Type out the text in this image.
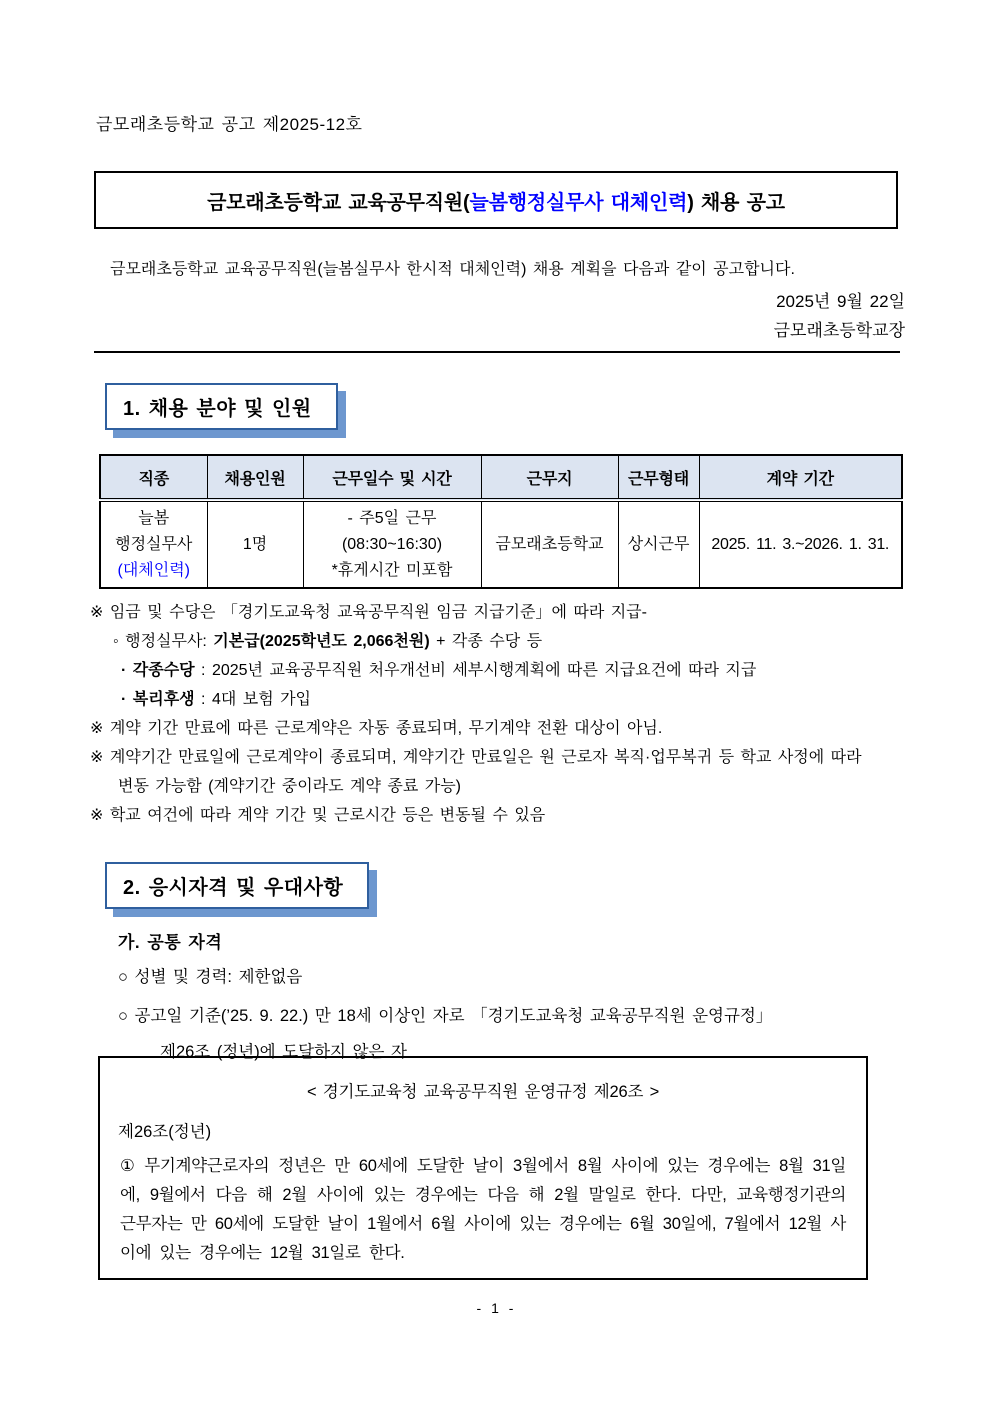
금모래초등학교 공고 제2025-12호
금모래초등학교 교육공무직원(늘봄행정실무사 대체인력) 채용 공고
금모래초등학교 교육공무직원(늘봄실무사 한시적 대체인력) 채용 계획을 다음과 같이 공고합니다.
2025년 9월 22일
금모래초등학교장
1. 채용 분야 및 인원
직종	채용인원	근무일수 및 시간	근무지	근무형태	계약 기간

늘봄
행정실무사
(대체인력)
	1명	
- 주5일 근무
(08:30~16:30)
*휴게시간 미포함
	금모래초등학교	상시근무	2025. 11. 3.~2026. 1. 31.
※ 임금 및 수당은 「경기도교육청 교육공무직원 임금 지급기준」에 따라 지급-
◦ 행정실무사: 기본급(2025학년도 2,066천원) + 각종 수당 등
· 각종수당 : 2025년 교육공무직원 처우개선비 세부시행계획에 따른 지급요건에 따라 지급
· 복리후생 : 4대 보험 가입
※ 계약 기간 만료에 따른 근로계약은 자동 종료되며, 무기계약 전환 대상이 아님.
※ 계약기간 만료일에 근로계약이 종료되며, 계약기간 만료일은 원 근로자 복직·업무복귀 등 학교 사정에 따라
변동 가능함 (계약기간 중이라도 계약 종료 가능)
※ 학교 여건에 따라 계약 기간 및 근로시간 등은 변동될 수 있음
2. 응시자격 및 우대사항
가. 공통 자격
○ 성별 및 경력: 제한없음
○ 공고일 기준(’25. 9. 22.) 만 18세 이상인 자로 「경기도교육청 교육공무직원 운영규정」
제26조 (정년)에 도달하지 않은 자
< 경기도교육청 교육공무직원 운영규정 제26조 >
제26조(정년)
① 무기계약근로자의 정년은 만 60세에 도달한 날이 3월에서 8월 사이에 있는 경우에는 8월 31일에, 9월에서 다음 해 2월 사이에 있는 경우에는 다음 해 2월 말일로 한다. 다만, 교육행정기관의 근무자는 만 60세에 도달한 날이 1월에서 6월 사이에 있는 경우에는 6월 30일에, 7월에서 12월 사이에 있는 경우에는 12월 31일로 한다.
- 1 -
